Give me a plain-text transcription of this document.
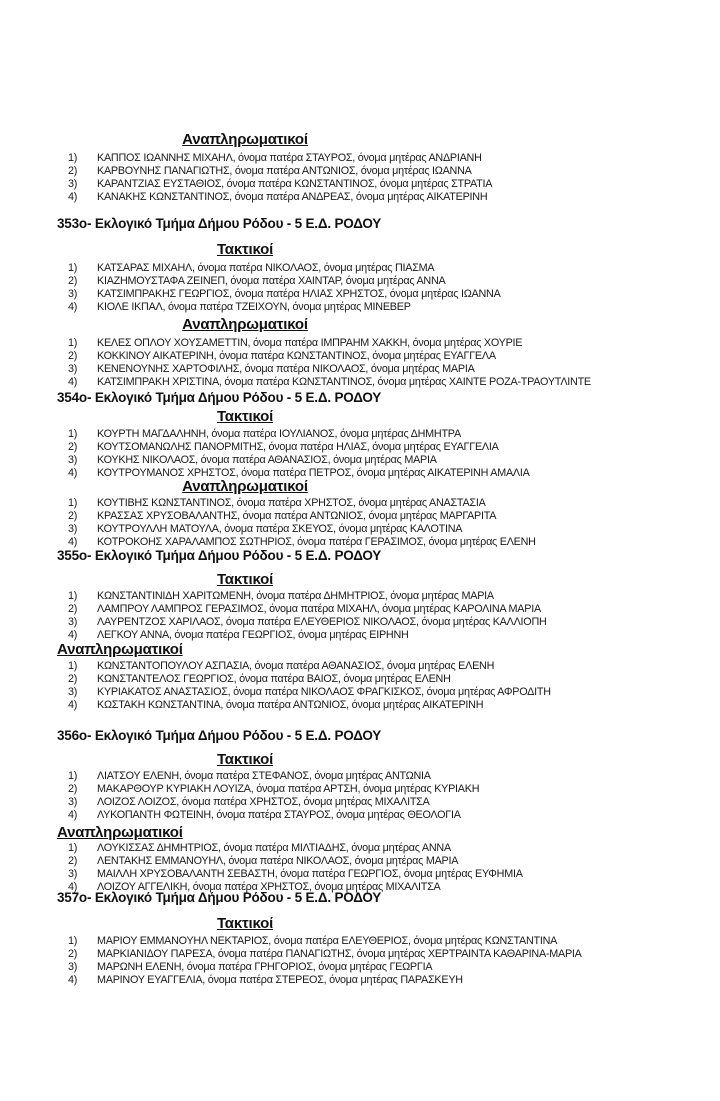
Αναπληρωματικοί
1) ΚΑΠΠΟΣ ΙΩΑΝΝΗΣ ΜΙΧΑΗΛ, όνομα πατέρα ΣΤΑΥΡΟΣ, όνομα μητέρας ΑΝΔΡΙΑΝΗ
2) ΚΑΡΒΟΥΝΗΣ ΠΑΝΑΓΙΩΤΗΣ, όνομα πατέρα ΑΝΤΩΝΙΟΣ, όνομα μητέρας ΙΩΑΝΝΑ
3) ΚΑΡΑΝΤΖΙΑΣ ΕΥΣΤΑΘΙΟΣ, όνομα πατέρα ΚΩΝΣΤΑΝΤΙΝΟΣ, όνομα μητέρας ΣΤΡΑΤΙΑ
4) ΚΑΝΑΚΗΣ ΚΩΝΣΤΑΝΤΙΝΟΣ, όνομα πατέρα ΑΝΔΡΕΑΣ, όνομα μητέρας ΑΙΚΑΤΕΡΙΝΗ
353ο- Εκλογικό Τμήμα Δήμου Ρόδου - 5 Ε.Δ. ΡΟΔΟΥ
Τακτικοί
1) ΚΑΤΣΑΡΑΣ ΜΙΧΑΗΛ, όνομα πατέρα ΝΙΚΟΛΑΟΣ, όνομα μητέρας ΠΙΑΣΜΑ
2) ΚΙΑΖΗΜΟΥΣΤΑΦΑ ΖΕΙΝΕΠ, όνομα πατέρα ΧΑΙΝΤΑΡ, όνομα μητέρας ΑΝΝΑ
3) ΚΑΤΣΙΜΠΡΑΚΗΣ ΓΕΩΡΓΙΟΣ, όνομα πατέρα ΗΛΙΑΣ ΧΡΗΣΤΟΣ, όνομα μητέρας ΙΩΑΝΝΑ
4) ΚΙΟΛΕ ΙΚΠΑΛ, όνομα πατέρα ΤΖΕΙΧΟΥΝ, όνομα μητέρας ΜΙΝΕΒΕΡ
Αναπληρωματικοί
1) ΚΕΛΕΣ ΟΠΛΟΥ ΧΟΥΣΑΜΕΤΤΙΝ, όνομα πατέρα ΙΜΠΡΑΗΜ ΧΑΚΚΗ, όνομα μητέρας ΧΟΥΡΙΕ
2) ΚΟΚΚΙΝΟΥ ΑΙΚΑΤΕΡΙΝΗ, όνομα πατέρα ΚΩΝΣΤΑΝΤΙΝΟΣ, όνομα μητέρας ΕΥΑΓΓΕΛΑ
3) ΚΕΝΕΝΟΥΝΗΣ ΧΑΡΤΟΦΙΛΗΣ, όνομα πατέρα ΝΙΚΟΛΑΟΣ, όνομα μητέρας ΜΑΡΙΑ
4) ΚΑΤΣΙΜΠΡΑΚΗ ΧΡΙΣΤΙΝΑ, όνομα πατέρα ΚΩΝΣΤΑΝΤΙΝΟΣ, όνομα μητέρας ΧΑΙΝΤΕ ΡΟΖΑ-ΤΡΑΟΥΤΛΙΝΤΕ
354ο- Εκλογικό Τμήμα Δήμου Ρόδου - 5 Ε.Δ. ΡΟΔΟΥ
Τακτικοί
1) ΚΟΥΡΤΗ ΜΑΓΔΑΛΗΝΗ, όνομα πατέρα ΙΟΥΛΙΑΝΟΣ, όνομα μητέρας ΔΗΜΗΤΡΑ
2) ΚΟΥΤΣΟΜΑΝΩΛΗΣ ΠΑΝΟΡΜΙΤΗΣ, όνομα πατέρα ΗΛΙΑΣ, όνομα μητέρας ΕΥΑΓΓΕΛΙΑ
3) ΚΟΥΚΗΣ ΝΙΚΟΛΑΟΣ, όνομα πατέρα ΑΘΑΝΑΣΙΟΣ, όνομα μητέρας ΜΑΡΙΑ
4) ΚΟΥΤΡΟΥΜΑΝΟΣ ΧΡΗΣΤΟΣ, όνομα πατέρα ΠΕΤΡΟΣ, όνομα μητέρας ΑΙΚΑΤΕΡΙΝΗ ΑΜΑΛΙΑ
Αναπληρωματικοί
1) ΚΟΥΤΙΒΗΣ ΚΩΝΣΤΑΝΤΙΝΟΣ, όνομα πατέρα ΧΡΗΣΤΟΣ, όνομα μητέρας ΑΝΑΣΤΑΣΙΑ
2) ΚΡΑΣΣΑΣ ΧΡΥΣΟΒΑΛΑΝΤΗΣ, όνομα πατέρα ΑΝΤΩΝΙΟΣ, όνομα μητέρας ΜΑΡΓΑΡΙΤΑ
3) ΚΟΥΤΡΟΥΛΛΗ ΜΑΤΟΥΛΑ, όνομα πατέρα ΣΚΕΥΟΣ, όνομα μητέρας ΚΑΛΟΤΙΝΑ
4) ΚΟΤΡΟΚΟΗΣ ΧΑΡΑΛΑΜΠΟΣ ΣΩΤΗΡΙΟΣ, όνομα πατέρα ΓΕΡΑΣΙΜΟΣ, όνομα μητέρας ΕΛΕΝΗ
355ο- Εκλογικό Τμήμα Δήμου Ρόδου - 5 Ε.Δ. ΡΟΔΟΥ
Τακτικοί
1) ΚΩΝΣΤΑΝΤΙΝΙΔΗ ΧΑΡΙΤΩΜΕΝΗ, όνομα πατέρα ΔΗΜΗΤΡΙΟΣ, όνομα μητέρας ΜΑΡΙΑ
2) ΛΑΜΠΡΟΥ ΛΑΜΠΡΟΣ ΓΕΡΑΣΙΜΟΣ, όνομα πατέρα ΜΙΧΑΗΛ, όνομα μητέρας ΚΑΡΟΛΙΝΑ ΜΑΡΙΑ
3) ΛΑΥΡΕΝΤΖΟΣ ΧΑΡΙΛΑΟΣ, όνομα πατέρα ΕΛΕΥΘΕΡΙΟΣ ΝΙΚΟΛΑΟΣ, όνομα μητέρας ΚΑΛΛΙΟΠΗ
4) ΛΕΓΚΟΥ ΑΝΝΑ, όνομα πατέρα ΓΕΩΡΓΙΟΣ, όνομα μητέρας ΕΙΡΗΝΗ
Αναπληρωματικοί
1) ΚΩΝΣΤΑΝΤΟΠΟΥΛΟΥ ΑΣΠΑΣΙΑ, όνομα πατέρα ΑΘΑΝΑΣΙΟΣ, όνομα μητέρας ΕΛΕΝΗ
2) ΚΩΝΣΤΑΝΤΕΛΟΣ ΓΕΩΡΓΙΟΣ, όνομα πατέρα ΒΑΙΟΣ, όνομα μητέρας ΕΛΕΝΗ
3) ΚΥΡΙΑΚΑΤΟΣ ΑΝΑΣΤΑΣΙΟΣ, όνομα πατέρα ΝΙΚΟΛΑΟΣ ΦΡΑΓΚΙΣΚΟΣ, όνομα μητέρας ΑΦΡΟΔΙΤΗ
4) ΚΩΣΤΑΚΗ ΚΩΝΣΤΑΝΤΙΝΑ, όνομα πατέρα ΑΝΤΩΝΙΟΣ, όνομα μητέρας ΑΙΚΑΤΕΡΙΝΗ
356ο- Εκλογικό Τμήμα Δήμου Ρόδου - 5 Ε.Δ. ΡΟΔΟΥ
Τακτικοί
1) ΛΙΑΤΣΟΥ ΕΛΕΝΗ, όνομα πατέρα ΣΤΕΦΑΝΟΣ, όνομα μητέρας ΑΝΤΩΝΙΑ
2) ΜΑΚΑΡΘΟΥΡ ΚΥΡΙΑΚΗ ΛΟΥΙΖΑ, όνομα πατέρα ΑΡΤΣΗ, όνομα μητέρας ΚΥΡΙΑΚΗ
3) ΛΟΙΖΟΣ ΛΟΙΖΟΣ, όνομα πατέρα ΧΡΗΣΤΟΣ, όνομα μητέρας ΜΙΧΑΛΙΤΣΑ
4) ΛΥΚΟΠΑΝΤΗ ΦΩΤΕΙΝΗ, όνομα πατέρα ΣΤΑΥΡΟΣ, όνομα μητέρας ΘΕΟΛΟΓΙΑ
Αναπληρωματικοί
1) ΛΟΥΚΙΣΣΑΣ ΔΗΜΗΤΡΙΟΣ, όνομα πατέρα ΜΙΛΤΙΑΔΗΣ, όνομα μητέρας ΑΝΝΑ
2) ΛΕΝΤΑΚΗΣ ΕΜΜΑΝΟΥΗΛ, όνομα πατέρα ΝΙΚΟΛΑΟΣ, όνομα μητέρας ΜΑΡΙΑ
3) ΜΑΙΛΛΗ ΧΡΥΣΟΒΑΛΑΝΤΗ ΣΕΒΑΣΤΗ, όνομα πατέρα ΓΕΩΡΓΙΟΣ, όνομα μητέρας ΕΥΦΗΜΙΑ
4) ΛΟΙΖΟΥ ΑΓΓΕΛΙΚΗ, όνομα πατέρα ΧΡΗΣΤΟΣ, όνομα μητέρας ΜΙΧΑΛΙΤΣΑ
357ο- Εκλογικό Τμήμα Δήμου Ρόδου - 5 Ε.Δ. ΡΟΔΟΥ
Τακτικοί
1) ΜΑΡΙΟΥ ΕΜΜΑΝΟΥΗΛ ΝΕΚΤΑΡΙΟΣ, όνομα πατέρα ΕΛΕΥΘΕΡΙΟΣ, όνομα μητέρας ΚΩΝΣΤΑΝΤΙΝΑ
2) ΜΑΡΚΙΑΝΙΔΟΥ ΠΑΡΕΣΑ, όνομα πατέρα ΠΑΝΑΓΙΩΤΗΣ, όνομα μητέρας ΧΕΡΤΡΑΙΝΤΑ ΚΑΘΑΡΙΝΑ-ΜΑΡΙΑ
3) ΜΑΡΩΝΗ ΕΛΕΝΗ, όνομα πατέρα ΓΡΗΓΟΡΙΟΣ, όνομα μητέρας ΓΕΩΡΓΙΑ
4) ΜΑΡΙΝΟΥ ΕΥΑΓΓΕΛΙΑ, όνομα πατέρα ΣΤΕΡΕΟΣ, όνομα μητέρας ΠΑΡΑΣΚΕΥΗ
